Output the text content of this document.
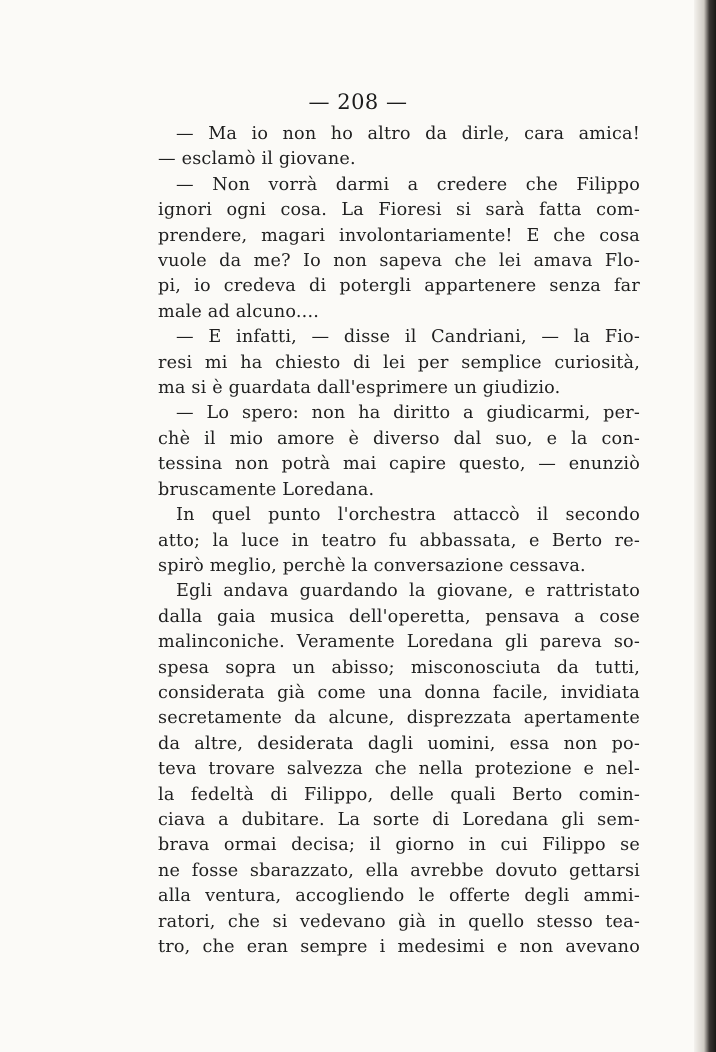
— 208 —
— Ma io non ho altro da dirle, cara amica!
— esclamò il giovane.
— Non vorrà darmi a credere che Filippo
ignori ogni cosa. La Fioresi si sarà fatta com-
prendere, magari involontariamente! E che cosa
vuole da me? Io non sapeva che lei amava Flo-
pi, io credeva di potergli appartenere senza far
male ad alcuno....
— E infatti, — disse il Candriani, — la Fio-
resi mi ha chiesto di lei per semplice curiosità,
ma si è guardata dall'esprimere un giudizio.
— Lo spero: non ha diritto a giudicarmi, per-
chè il mio amore è diverso dal suo, e la con-
tessina non potrà mai capire questo, — enunziò
bruscamente Loredana.
In quel punto l'orchestra attaccò il secondo
atto; la luce in teatro fu abbassata, e Berto re-
spirò meglio, perchè la conversazione cessava.
Egli andava guardando la giovane, e rattristato
dalla gaia musica dell'operetta, pensava a cose
malinconiche. Veramente Loredana gli pareva so-
spesa sopra un abisso; misconosciuta da tutti,
considerata già come una donna facile, invidiata
secretamente da alcune, disprezzata apertamente
da altre, desiderata dagli uomini, essa non po-
teva trovare salvezza che nella protezione e nel-
la fedeltà di Filippo, delle quali Berto comin-
ciava a dubitare. La sorte di Loredana gli sem-
brava ormai decisa; il giorno in cui Filippo se
ne fosse sbarazzato, ella avrebbe dovuto gettarsi
alla ventura, accogliendo le offerte degli ammi-
ratori, che si vedevano già in quello stesso tea-
tro, che eran sempre i medesimi e non avevano
